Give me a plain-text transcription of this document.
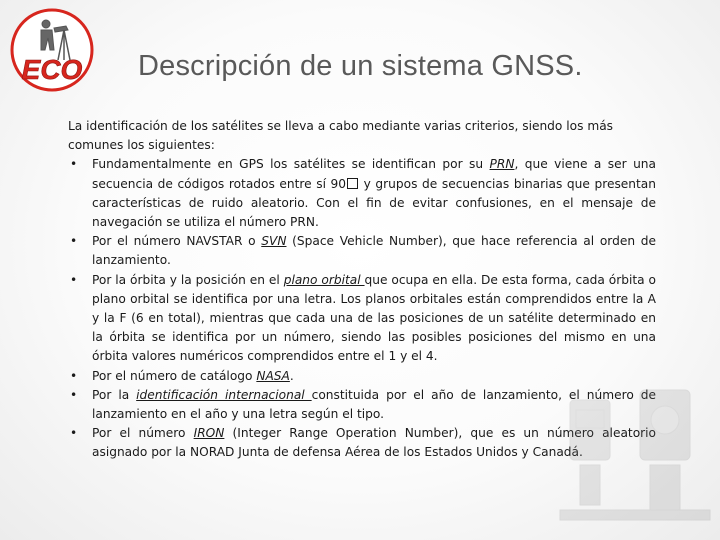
ECO Descripción de un sistema GNSS.

La identificación de los satélites se lleva a cabo mediante varias criterios, siendo los más comunes los siguientes:

• Fundamentalmente en GPS los satélites se identifican por su PRN, que viene a ser una secuencia de códigos rotados entre sí 90 y grupos de secuencias binarias que presentan características de ruido aleatorio. Con el fin de evitar confusiones, en el mensaje de navegación se utiliza el número PRN.
• Por el número NAVSTAR o SVN (Space Vehicle Number), que hace referencia al orden de lanzamiento.
• Por la órbita y la posición en el plano orbital que ocupa en ella. De esta forma, cada órbita o plano orbital se identifica por una letra. Los planos orbitales están comprendidos entre la A y la F (6 en total), mientras que cada una de las posiciones de un satélite determinado en la órbita se identifica por un número, siendo las posibles posiciones del mismo en una órbita valores numéricos comprendidos entre el 1 y el 4.
• Por el número de catálogo NASA.
• Por la identificación internacional constituida por el año de lanzamiento, el número de lanzamiento en el año y una letra según el tipo.
• Por el número IRON (Integer Range Operation Number), que es un número aleatorio asignado por la NORAD Junta de defensa Aérea de los Estados Unidos y Canadá.
